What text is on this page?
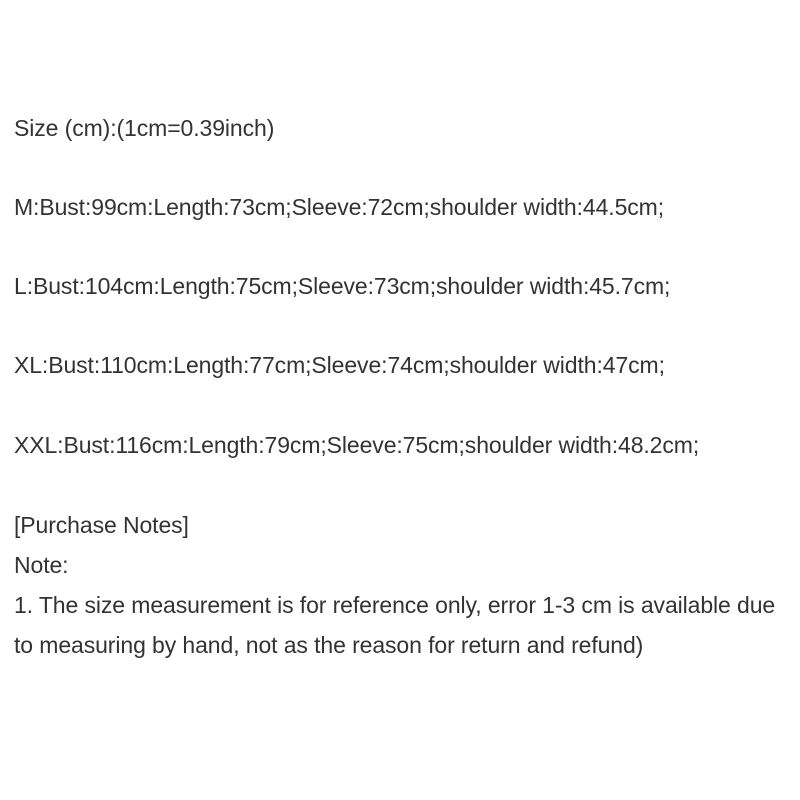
Size (cm):(1cm=0.39inch)

M:Bust:99cm:Length:73cm;Sleeve:72cm;shoulder width:44.5cm;

L:Bust:104cm:Length:75cm;Sleeve:73cm;shoulder width:45.7cm;

XL:Bust:110cm:Length:77cm;Sleeve:74cm;shoulder width:47cm;

XXL:Bust:116cm:Length:79cm;Sleeve:75cm;shoulder width:48.2cm;

[Purchase Notes]

Note:

1. The size measurement is for reference only, error 1-3 cm is available due to measuring by hand, not as the reason for return and refund)
